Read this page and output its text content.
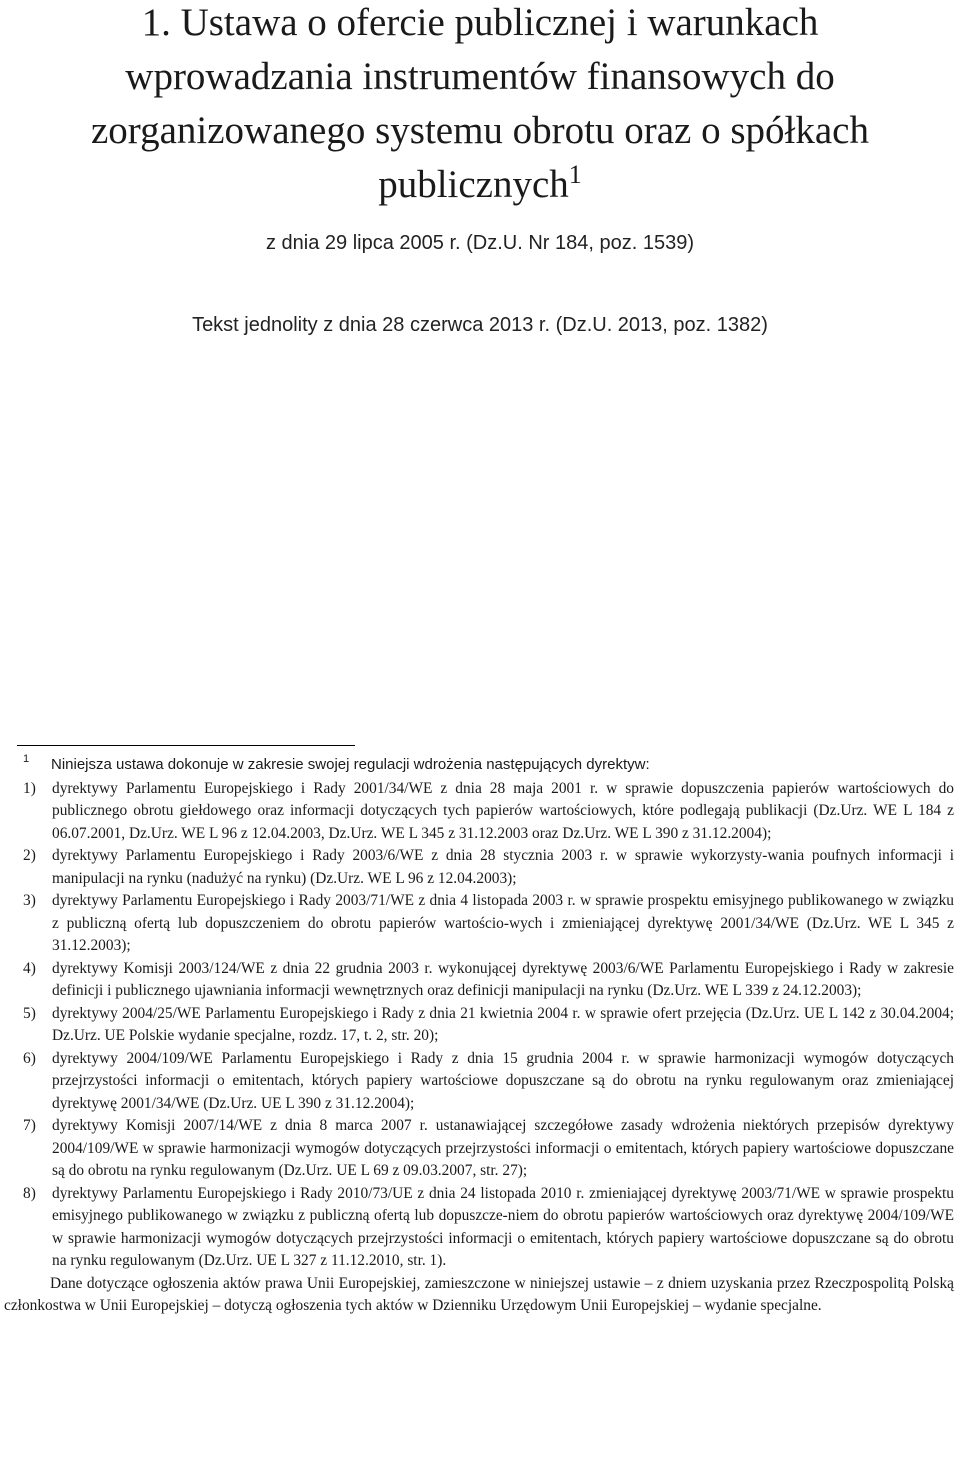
1. Ustawa o ofercie publicznej i warunkach
wprowadzania instrumentów finansowych do
zorganizowanego systemu obrotu oraz o spółkach
publicznych$^1$
z dnia 29 lipca 2005 r. (Dz.U. Nr 184, poz. 1539)
Tekst jednolity z dnia 28 czerwca 2013 r. (Dz.U. 2013, poz. 1382)
1 Niniejsza ustawa dokonuje w zakresie swojej regulacji wdrożenia następujących dyrektyw:
1) dyrektywy Parlamentu Europejskiego i Rady 2001/34/WE z dnia 28 maja 2001 r. w sprawie dopuszczenia papierów wartościowych do publicznego obrotu giełdowego oraz informacji dotyczących tych papierów wartościowych, które podlegają publikacji (Dz.Urz. WE L 184 z 06.07.2001, Dz.Urz. WE L 96 z 12.04.2003, Dz.Urz. WE L 345 z 31.12.2003 oraz Dz.Urz. WE L 390 z 31.12.2004);
2) dyrektywy Parlamentu Europejskiego i Rady 2003/6/WE z dnia 28 stycznia 2003 r. w sprawie wykorzysty-wania poufnych informacji i manipulacji na rynku (nadużyć na rynku) (Dz.Urz. WE L 96 z 12.04.2003);
3) dyrektywy Parlamentu Europejskiego i Rady 2003/71/WE z dnia 4 listopada 2003 r. w sprawie prospektu emisyjnego publikowanego w związku z publiczną ofertą lub dopuszczeniem do obrotu papierów wartościo-wych i zmieniającej dyrektywę 2001/34/WE (Dz.Urz. WE L 345 z 31.12.2003);
4) dyrektywy Komisji 2003/124/WE z dnia 22 grudnia 2003 r. wykonującej dyrektywę 2003/6/WE Parlamentu Europejskiego i Rady w zakresie definicji i publicznego ujawniania informacji wewnętrznych oraz definicji manipulacji na rynku (Dz.Urz. WE L 339 z 24.12.2003);
5) dyrektywy 2004/25/WE Parlamentu Europejskiego i Rady z dnia 21 kwietnia 2004 r. w sprawie ofert przejęcia (Dz.Urz. UE L 142 z 30.04.2004; Dz.Urz. UE Polskie wydanie specjalne, rozdz. 17, t. 2, str. 20);
6) dyrektywy 2004/109/WE Parlamentu Europejskiego i Rady z dnia 15 grudnia 2004 r. w sprawie harmonizacji wymogów dotyczących przejrzystości informacji o emitentach, których papiery wartościowe dopuszczane są do obrotu na rynku regulowanym oraz zmieniającej dyrektywę 2001/34/WE (Dz.Urz. UE L 390 z 31.12.2004);
7) dyrektywy Komisji 2007/14/WE z dnia 8 marca 2007 r. ustanawiającej szczegółowe zasady wdrożenia niektórych przepisów dyrektywy 2004/109/WE w sprawie harmonizacji wymogów dotyczących przejrzystości informacji o emitentach, których papiery wartościowe dopuszczane są do obrotu na rynku regulowanym (Dz.Urz. UE L 69 z 09.03.2007, str. 27);
8) dyrektywy Parlamentu Europejskiego i Rady 2010/73/UE z dnia 24 listopada 2010 r. zmieniającej dyrektywę 2003/71/WE w sprawie prospektu emisyjnego publikowanego w związku z publiczną ofertą lub dopuszcze-niem do obrotu papierów wartościowych oraz dyrektywę 2004/109/WE w sprawie harmonizacji wymogów dotyczących przejrzystości informacji o emitentach, których papiery wartościowe dopuszczane są do obrotu na rynku regulowanym (Dz.Urz. UE L 327 z 11.12.2010, str. 1).

Dane dotyczące ogłoszenia aktów prawa Unii Europejskiej, zamieszczone w niniejszej ustawie – z dniem uzyskania przez Rzeczpospolitą Polską członkostwa w Unii Europejskiej – dotyczą ogłoszenia tych aktów w Dzienniku Urzędowym Unii Europejskiej – wydanie specjalne.
